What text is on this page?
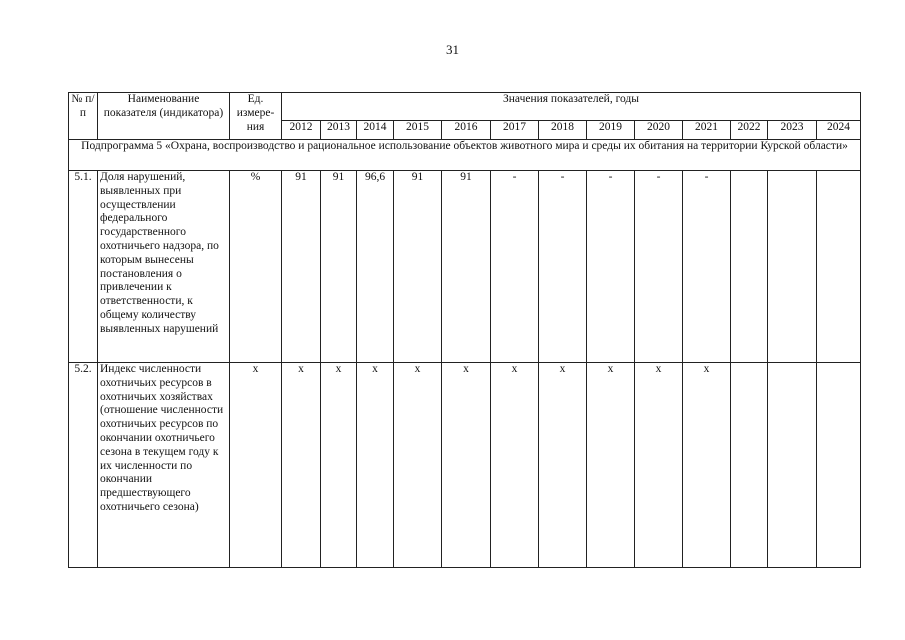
31
№ п/п	Наименование показателя (индикатора)	Ед. измере-ния	Значения показателей, годы												
			2012	2013	2014	2015	2016	2017	2018	2019	2020	2021	2022	2023	2024
Подпрограмма 5 «Охрана, воспроизводство и рациональное использование объектов животного мира и среды их обитания на территории Курской области»															
5.1.	Доля нарушений, выявленных при осуществлении федерального государственного охотничьего надзора, по которым вынесены постановления о привлечении к ответственности, к общему количеству выявленных нарушений	%	91	91	96,6	91	91	-	-	-	-	-			
5.2.	Индекс численности охотничьих ресурсов в охотничьих хозяйствах (отношение численности охотничьих ресурсов по окончании охотничьего сезона в текущем году к их численности по окончании предшествующего охотничьего сезона)	х	х	х	х	х	х	х	х	х	х	х			
